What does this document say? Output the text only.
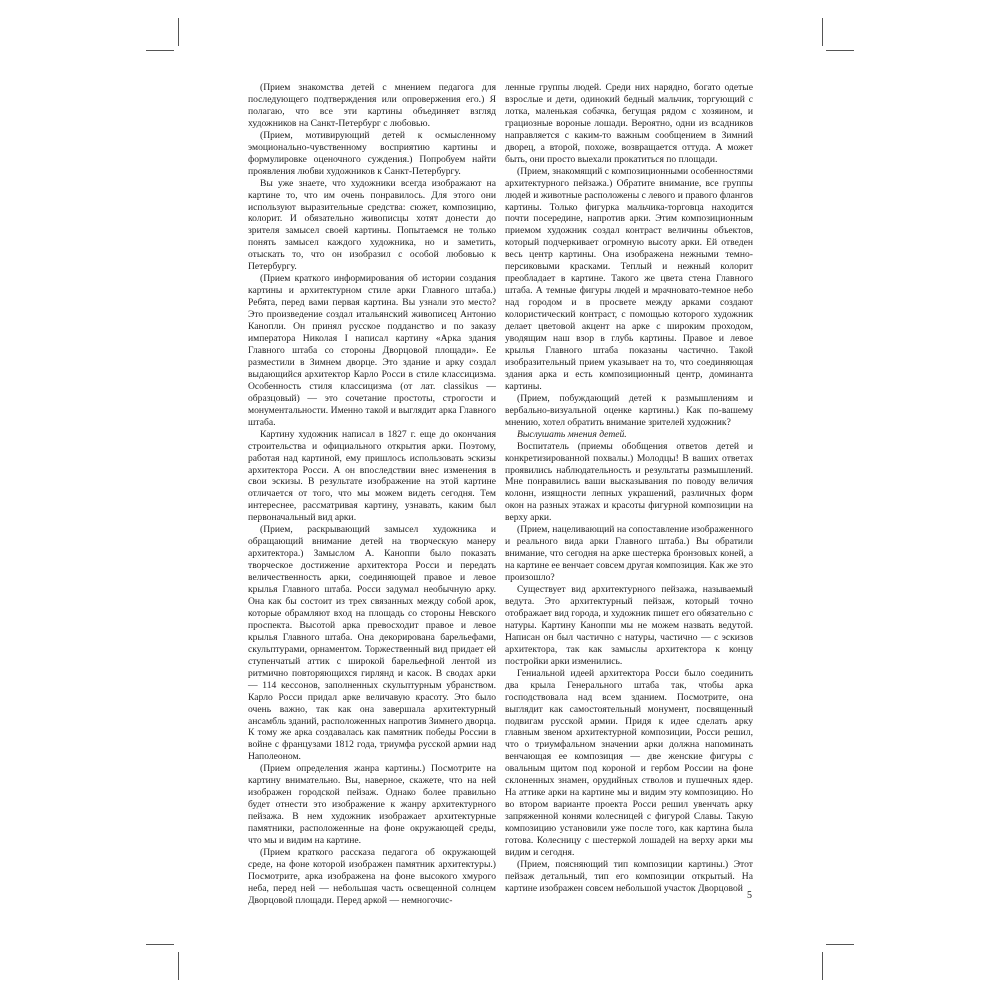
(Прием знакомства детей с мнением педагога для последующего подтверждения или опровержения его.) Я полагаю, что все эти картины объединяет взгляд художников на Санкт-Петербург с любовью.

(Прием, мотивирующий детей к осмысленному эмоционально-чувственному восприятию картины и формулировке оценочного суждения.) Попробуем найти проявления любви художников к Санкт-Петербургу.

Вы уже знаете, что художники всегда изображают на картине то, что им очень понравилось. Для этого они используют выразительные средства: сюжет, композицию, колорит. И обязательно живописцы хотят донести до зрителя замысел своей картины. Попытаемся не только понять замысел каждого художника, но и заметить, отыскать то, что он изобразил с особой любовью к Петербургу.

(Прием краткого информирования об истории создания картины и архитектурном стиле арки Главного штаба.) Ребята, перед вами первая картина. Вы узнали это место? Это произведение создал итальянский живописец Антонио Канопли. Он принял русское подданство и по заказу императора Николая I написал картину «Арка здания Главного штаба со стороны Дворцовой площади». Ее разместили в Зимнем дворце. Это здание и арку создал выдающийся архитектор Карло Росси в стиле классицизма. Особенность стиля классицизма (от лат. classikus — образцовый) — это сочетание простоты, строгости и монументальности. Именно такой и выглядит арка Главного штаба.

Картину художник написал в 1827 г. еще до окончания строительства и официального открытия арки. Поэтому, работая над картиной, ему пришлось использовать эскизы архитектора Росси. А он впоследствии внес изменения в свои эскизы. В результате изображение на этой картине отличается от того, что мы можем видеть сегодня. Тем интереснее, рассматривая картину, узнавать, каким был первоначальный вид арки.

(Прием, раскрывающий замысел художника и обращающий внимание детей на творческую манеру архитектора.) Замыслом А. Каноппи было показать творческое достижение архитектора Росси и передать величественность арки, соединяющей правое и левое крылья Главного штаба. Росси задумал необычную арку. Она как бы состоит из трех связанных между собой арок, которые обрамляют вход на площадь со стороны Невского проспекта. Высотой арка превосходит правое и левое крылья Главного штаба. Она декорирована барельефами, скульптурами, орнаментом. Торжественный вид придает ей ступенчатый аттик с широкой барельефной лентой из ритмично повторяющихся гирлянд и касок. В сводах арки — 114 кессонов, заполненных скульптурным убранством. Карло Росси придал арке величавую красоту. Это было очень важно, так как она завершала архитектурный ансамбль зданий, расположенных напротив Зимнего дворца. К тому же арка создавалась как памятник победы России в войне с французами 1812 года, триумфа русской армии над Наполеоном.

(Прием определения жанра картины.) Посмотрите на картину внимательно. Вы, наверное, скажете, что на ней изображен городской пейзаж. Однако более правильно будет отнести это изображение к жанру архитектурного пейзажа. В нем художник изображает архитектурные памятники, расположенные на фоне окружающей среды, что мы и видим на картине.

(Прием краткого рассказа педагога об окружающей среде, на фоне которой изображен памятник архитектуры.) Посмотрите, арка изображена на фоне высокого хмурого неба, перед ней — небольшая часть освещенной солнцем Дворцовой площади. Перед аркой — немногочис-

ленные группы людей. Среди них нарядно, богато одетые взрослые и дети, одинокий бедный мальчик, торгующий с лотка, маленькая собачка, бегущая рядом с хозяином, и грациозные вороные лошади. Вероятно, одни из всадников направляется с каким-то важным сообщением в Зимний дворец, а второй, похоже, возвращается оттуда. А может быть, они просто выехали прокатиться по площади.

(Прием, знакомящий с композиционными особенностями архитектурного пейзажа.) Обратите внимание, все группы людей и животные расположены с левого и правого флангов картины. Только фигурка мальчика-торговца находится почти посередине, напротив арки. Этим композиционным приемом художник создал контраст величины объектов, который подчеркивает огромную высоту арки. Ей отведен весь центр картины. Она изображена нежными темно-персиковыми красками. Теплый и нежный колорит преобладает в картине. Такого же цвета стена Главного штаба. А темные фигуры людей и мрачновато-темное небо над городом и в просвете между арками создают колористический контраст, с помощью которого художник делает цветовой акцент на арке с широким проходом, уводящим наш взор в глубь картины. Правое и левое крылья Главного штаба показаны частично. Такой изобразительный прием указывает на то, что соединяющая здания арка и есть композиционный центр, доминанта картины.

(Прием, побуждающий детей к размышлениям и вербально-визуальной оценке картины.) Как по-вашему мнению, хотел обратить внимание зрителей художник?

Выслушать мнения детей.

Воспитатель (приемы обобщения ответов детей и конкретизированной похвалы.) Молодцы! В ваших ответах проявились наблюдательность и результаты размышлений. Мне понравились ваши высказывания по поводу величия колонн, изящности лепных украшений, различных форм окон на разных этажах и красоты фигурной композиции на верху арки.

(Прием, нацеливающий на сопоставление изображенного и реального вида арки Главного штаба.) Вы обратили внимание, что сегодня на арке шестерка бронзовых коней, а на картине ее венчает совсем другая композиция. Как же это произошло?

Существует вид архитектурного пейзажа, называемый ведута. Это архитектурный пейзаж, который точно отображает вид города, и художник пишет его обязательно с натуры. Картину Каноппи мы не можем назвать ведутой. Написан он был частично с натуры, частично — с эскизов архитектора, так как замыслы архитектора к концу постройки арки изменились.

Гениальной идеей архитектора Росси было соединить два крыла Генерального штаба так, чтобы арка господствовала над всем зданием. Посмотрите, она выглядит как самостоятельный монумент, посвященный подвигам русской армии. Придя к идее сделать арку главным звеном архитектурной композиции, Росси решил, что о триумфальном значении арки должна напоминать венчающая ее композиция — две женские фигуры с овальным щитом под короной и гербом России на фоне склоненных знамен, орудийных стволов и пушечных ядер. На аттике арки на картине мы и видим эту композицию. Но во втором варианте проекта Росси решил увенчать арку запряженной конями колесницей с фигурой Славы. Такую композицию установили уже после того, как картина была готова. Колесницу с шестеркой лошадей на верху арки мы видим и сегодня.

(Прием, поясняющий тип композиции картины.) Этот пейзаж детальный, тип его композиции открытый. На картине изображен совсем небольшой участок Дворцовой

5
